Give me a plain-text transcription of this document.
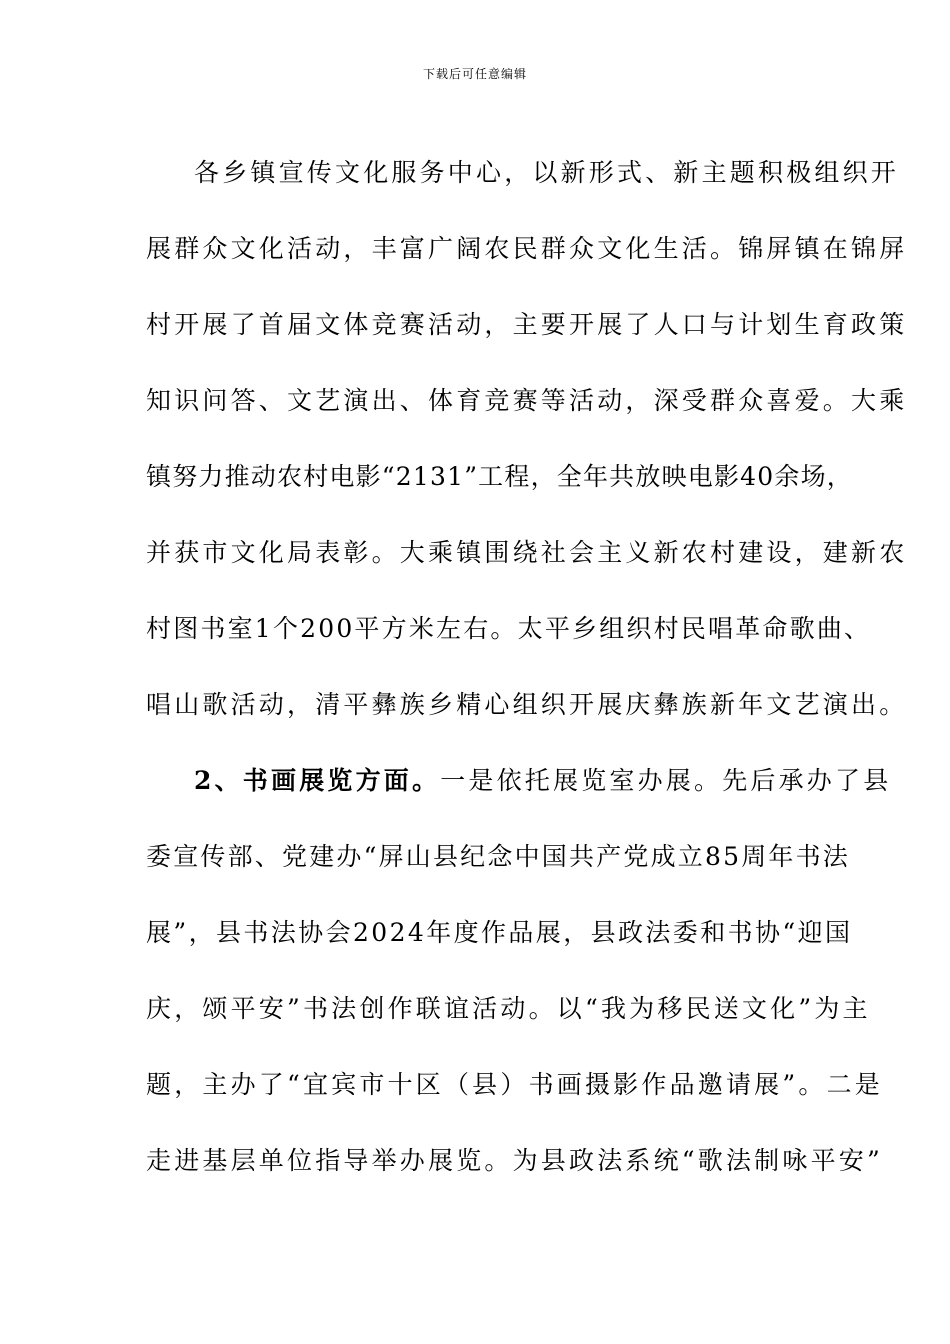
下载后可任意编辑
各乡镇宣传文化服务中心，以新形式、新主题积极组织开
展群众文化活动，丰富广阔农民群众文化生活。锦屏镇在锦屏
村开展了首届文体竞赛活动，主要开展了人口与计划生育政策
知识问答、文艺演出、体育竞赛等活动，深受群众喜爱。大乘
镇努力推动农村电影“2131”工程，全年共放映电影40余场，
并获市文化局表彰。大乘镇围绕社会主义新农村建设，建新农
村图书室1个200平方米左右。太平乡组织村民唱革命歌曲、
唱山歌活动，清平彝族乡精心组织开展庆彝族新年文艺演出。
2、书画展览方面。一是依托展览室办展。先后承办了县
委宣传部、党建办“屏山县纪念中国共产党成立85周年书法
展”，县书法协会2024年度作品展，县政法委和书协“迎国
庆，颂平安”书法创作联谊活动。以“我为移民送文化”为主
题，主办了“宜宾市十区（县）书画摄影作品邀请展”。二是
走进基层单位指导举办展览。为县政法系统“歌法制咏平安”
